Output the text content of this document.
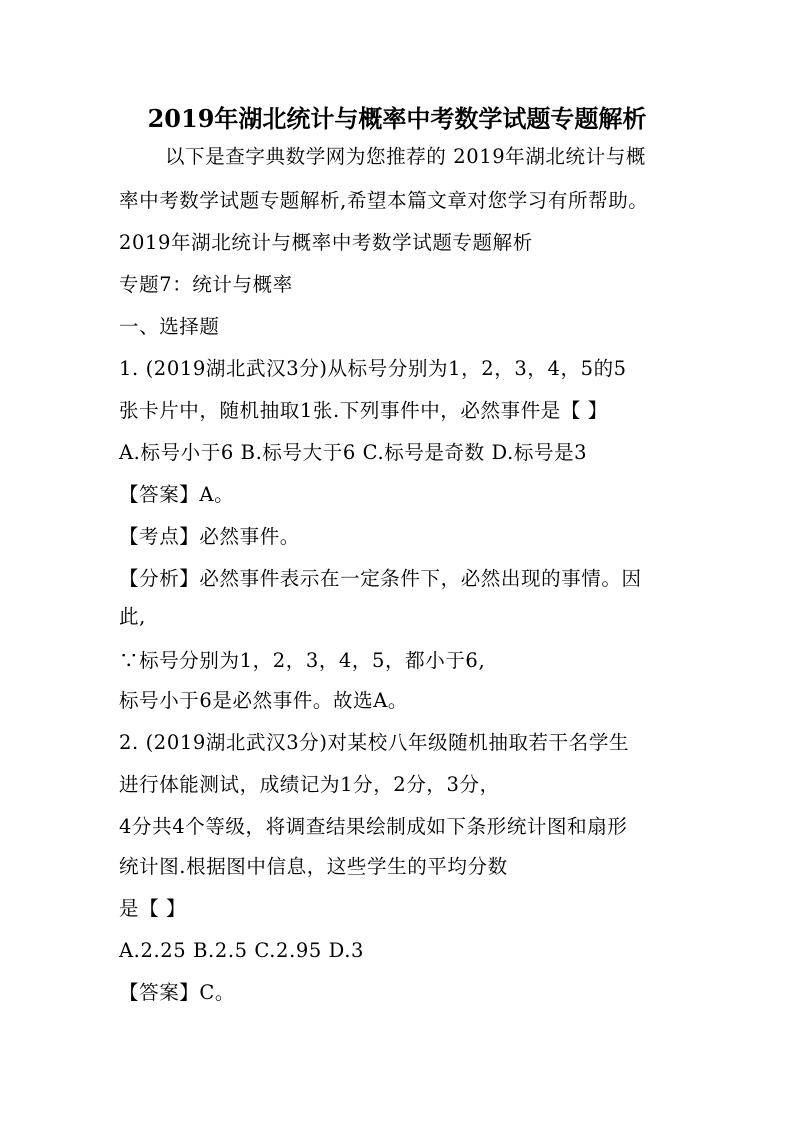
2019年湖北统计与概率中考数学试题专题解析
以下是查字典数学网为您推荐的 2019年湖北统计与概
率中考数学试题专题解析,希望本篇文章对您学习有所帮助。
2019年湖北统计与概率中考数学试题专题解析
专题7：统计与概率
一、选择题
1. (2019湖北武汉3分)从标号分别为1，2，3，4，5的5
张卡片中，随机抽取1张.下列事件中，必然事件是【 】
A.标号小于6 B.标号大于6 C.标号是奇数 D.标号是3
【答案】A。
【考点】必然事件。
【分析】必然事件表示在一定条件下，必然出现的事情。因
此,
∵标号分别为1，2，3，4，5，都小于6,
标号小于6是必然事件。故选A。
2. (2019湖北武汉3分)对某校八年级随机抽取若干名学生
进行体能测试，成绩记为1分，2分，3分，
4分共4个等级，将调查结果绘制成如下条形统计图和扇形
统计图.根据图中信息，这些学生的平均分数
是【 】
A.2.25 B.2.5 C.2.95 D.3
【答案】C。
